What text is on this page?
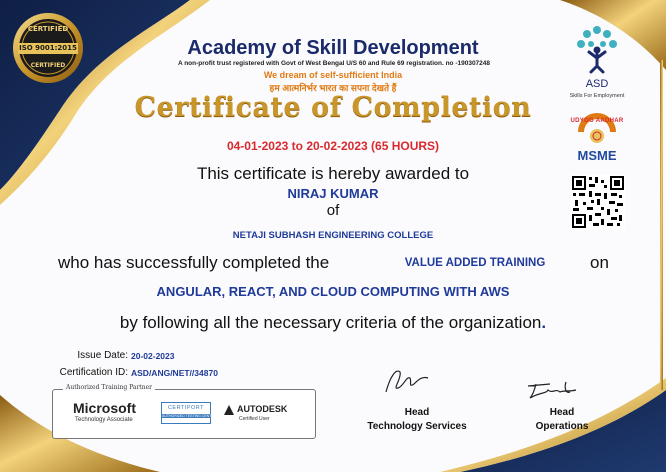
CERTIFIED
ISO 9001:2015
CERTIFIED
Academy of Skill Development
A non-profit trust registered with Govt of West Bengal U/S 60 and Rule 69 registration. no -190307248
We dream of self-sufficient India
हम आत्मनिर्भर भारत का सपना देखते हैं
Certificate of Completion
04-01-2023 to 20-02-2023 (65 HOURS)
This certificate is hereby awarded to
NIRAJ KUMAR
of
NETAJI SUBHASH ENGINEERING COLLEGE
who has successfully completed the	VALUE ADDED TRAINING	on
ANGULAR, REACT, AND CLOUD COMPUTING WITH AWS
by following all the necessary criteria of the organization.
Issue Date: 20-02-2023
Certification ID: ASD/ANG/NET//34870
Authorized Training Partner
Microsoft
Technology Associate
CERTIPORT
AUTHORIZED TESTING CENTER
AUTODESK
Certified User
Head
Technology Services
Head
Operations
ASD
Skills For Employment
UDYOG AADHAR
MSME
